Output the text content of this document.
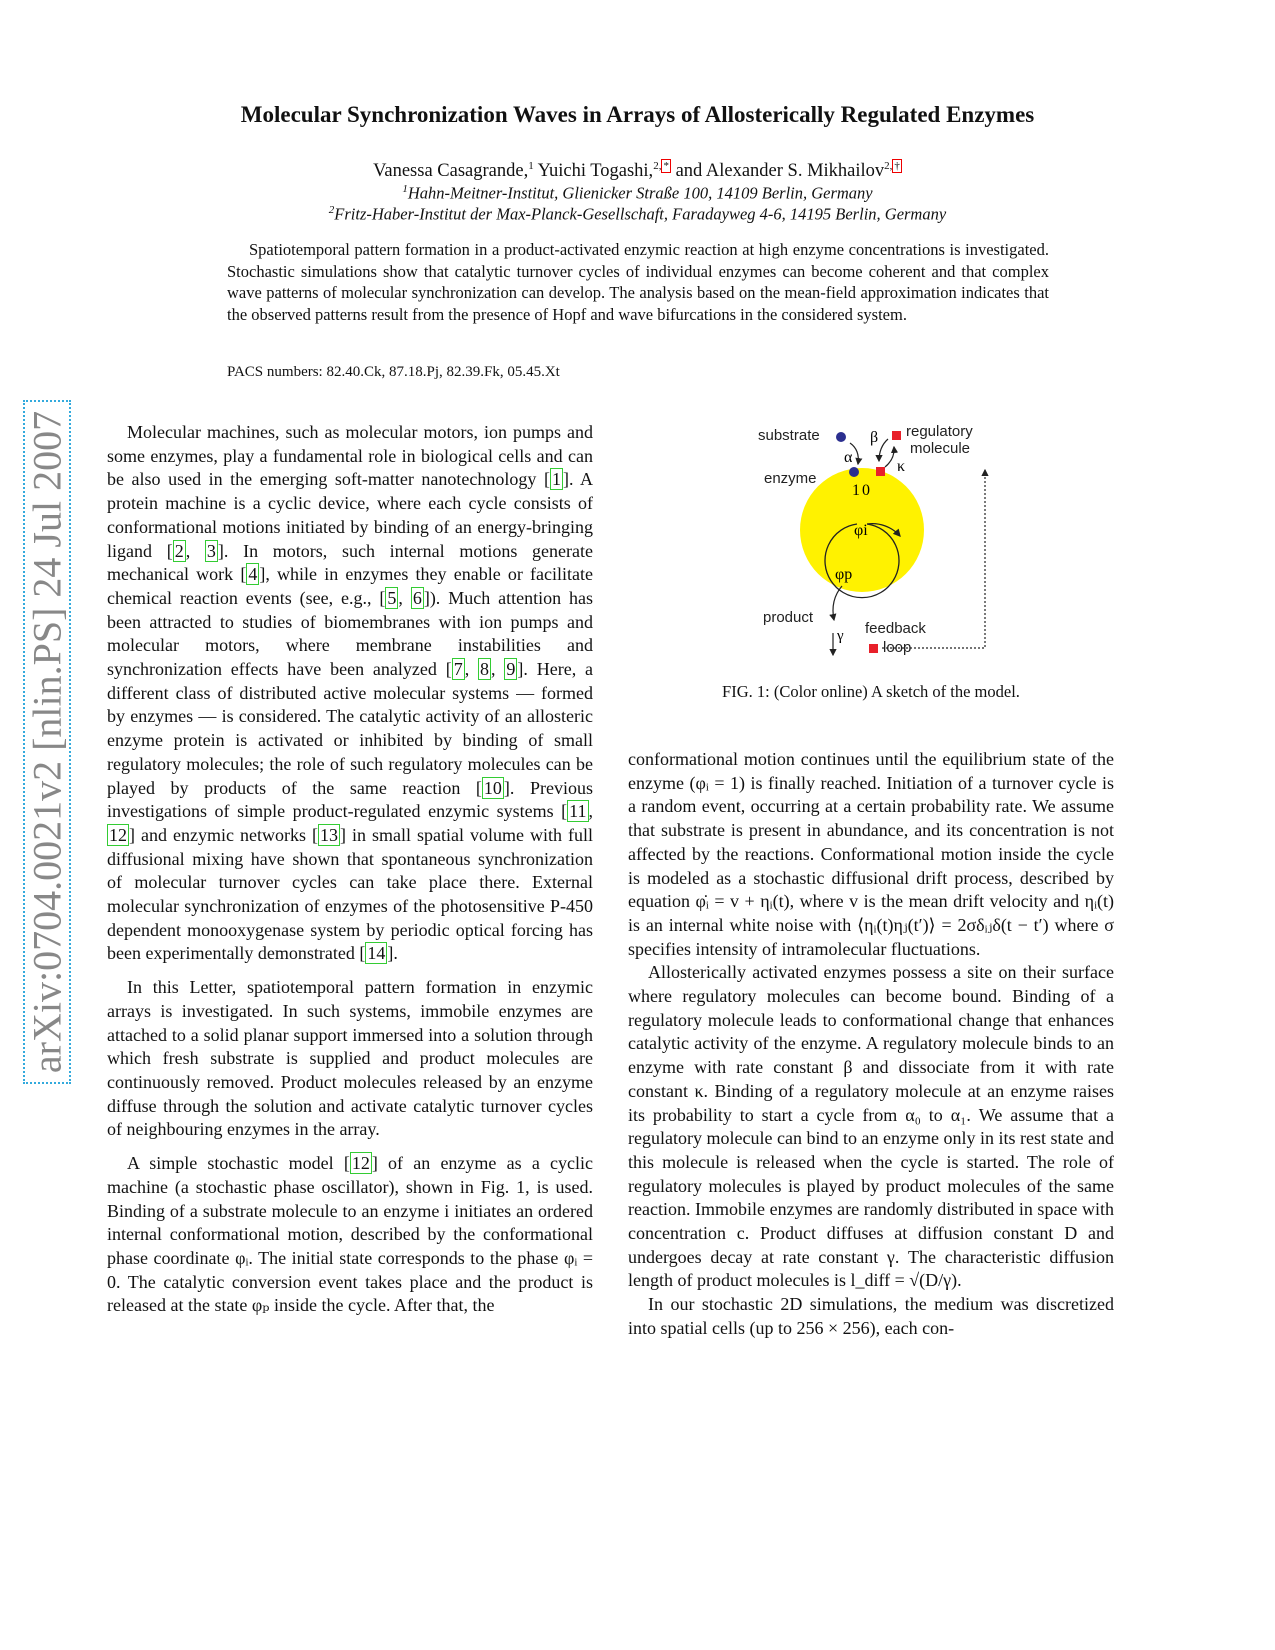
arXiv:0704.0021v2 [nlin.PS] 24 Jul 2007
Molecular Synchronization Waves in Arrays of Allosterically Regulated Enzymes
Vanessa Casagrande,$^1$ Yuichi Togashi,$^{2, *}$ and Alexander S. Mikhailov$^{2, \dagger}$
$^1$Hahn-Meitner-Institut, Glienicker Straße 100, 14109 Berlin, Germany
$^2$Fritz-Haber-Institut der Max-Planck-Gesellschaft, Faradayweg 4-6, 14195 Berlin, Germany

Spatiotemporal pattern formation in a product-activated enzymic reaction at high enzyme concentrations is investigated. Stochastic simulations show that catalytic turnover cycles of individual enzymes can become coherent and that complex wave patterns of molecular synchronization can develop. The analysis based on the mean-field approximation indicates that the observed patterns result from the presence of Hopf and wave bifurcations in the considered system.

PACS numbers: 82.40.Ck, 87.18.Pj, 82.39.Fk, 05.45.Xt

Molecular machines, such as molecular motors, ion pumps and some enzymes, play a fundamental role in biological cells and can be also used in the emerging soft-matter nanotechnology [ 1 ]. A protein machine is a cyclic device, where each cycle consists of conformational motions initiated by binding of an energy-bringing ligand [ 2 , 3 ]. In motors, such internal motions generate mechanical work [ 4 ], while in enzymes they enable or facilitate chemical reaction events (see, e.g., [ 5 , 6 ]). Much attention has been attracted to studies of biomembranes with ion pumps and molecular motors, where membrane instabilities and synchronization effects have been analyzed [ 7 , 8 , 9 ]. Here, a different class of distributed active molecular systems — formed by enzymes — is considered. The catalytic activity of an allosteric enzyme protein is activated or inhibited by binding of small regulatory molecules; the role of such regulatory molecules can be played by products of the same reaction [ 10 ]. Previous investigations of simple product-regulated enzymic systems [ 11 , 12 ] and enzymic networks [ 13 ] in small spatial volume with full diffusional mixing have shown that spontaneous synchronization of molecular turnover cycles can take place there. External molecular synchronization of enzymes of the photosensitive P-450 dependent monooxygenase system by periodic optical forcing has been experimentally demonstrated [ 14 ].

In this Letter, spatiotemporal pattern formation in enzymic arrays is investigated. In such systems, immobile enzymes are attached to a solid planar support immersed into a solution through which fresh substrate is supplied and product molecules are continuously removed. Product molecules released by an enzyme diffuse through the solution and activate catalytic turnover cycles of neighbouring enzymes in the array.

A simple stochastic model [ 12 ] of an enzyme as a cyclic machine (a stochastic phase oscillator), shown in Fig. 1, is used. Binding of a substrate molecule to an enzyme i initiates an ordered internal conformational motion, described by the conformational phase coordinate φᵢ. The initial state corresponds to the phase φᵢ = 0. The catalytic conversion event takes place and the product is released at the state φₚ inside the cycle. After that, the

substrate	regulatory
molecule
enzyme
product
feedback
loop
α
β
κ
γ
φi
φp
1 0
FIG. 1: (Color online) A sketch of the model.

conformational motion continues until the equilibrium state of the enzyme (φᵢ = 1) is finally reached. Initiation of a turnover cycle is a random event, occurring at a certain probability rate. We assume that substrate is present in abundance, and its concentration is not affected by the reactions. Conformational motion inside the cycle is modeled as a stochastic diffusional drift process, described by equation φ̇ᵢ = v + ηᵢ(t), where v is the mean drift velocity and ηᵢ(t) is an internal white noise with ⟨ηᵢ(t)ηⱼ(t′)⟩ = 2σδᵢⱼδ(t − t′) where σ specifies intensity of intramolecular fluctuations.

Allosterically activated enzymes possess a site on their surface where regulatory molecules can become bound. Binding of a regulatory molecule leads to conformational change that enhances catalytic activity of the enzyme. A regulatory molecule binds to an enzyme with rate constant β and dissociate from it with rate constant κ. Binding of a regulatory molecule at an enzyme raises its probability to start a cycle from α₀ to α₁. We assume that a regulatory molecule can bind to an enzyme only in its rest state and this molecule is released when the cycle is started. The role of regulatory molecules is played by product molecules of the same reaction. Immobile enzymes are randomly distributed in space with concentration c. Product diffuses at diffusion constant D and undergoes decay at rate constant γ. The characteristic diffusion length of product molecules is l_diff = √(D/γ).

In our stochastic 2D simulations, the medium was discretized into spatial cells (up to 256 × 256), each con-
